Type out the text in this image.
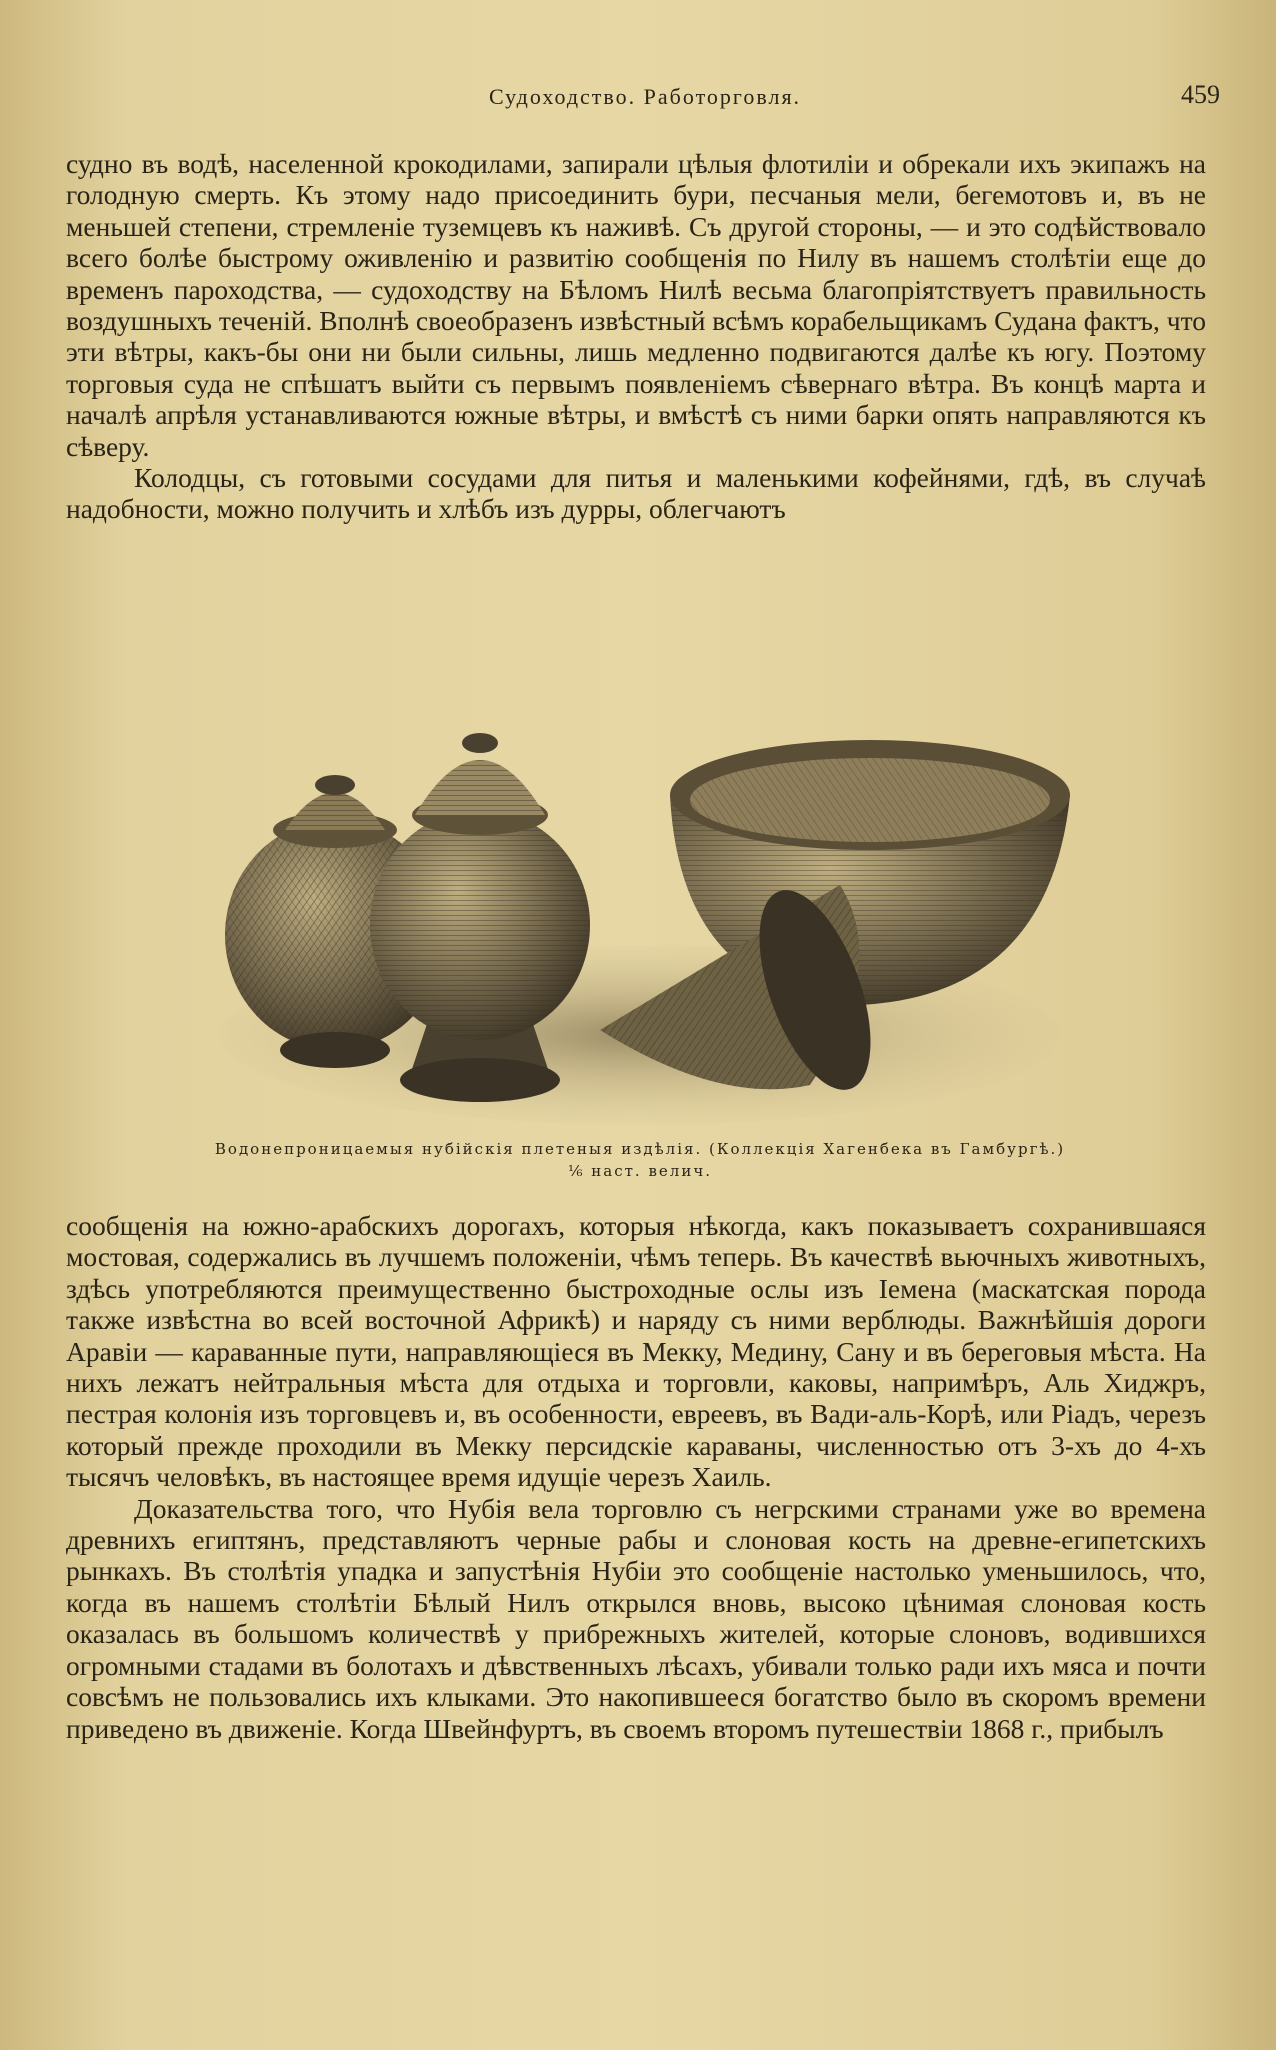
Судоходство. Работорговля.	459

судно въ водѣ, населенной крокодилами, запирали цѣлыя флотиліи и обрекали ихъ экипажъ на голодную смерть. Къ этому надо присоединить бури, песчаныя мели, бегемотовъ и, въ не меньшей степени, стремленіе туземцевъ къ наживѣ. Съ другой стороны, — и это содѣйствовало всего болѣе быстрому оживленію и развитію сообщенія по Нилу въ нашемъ столѣтіи еще до временъ пароходства, — судоходству на Бѣломъ Нилѣ весьма благопріятствуетъ правильность воздушныхъ теченій. Вполнѣ своеобразенъ извѣстный всѣмъ корабельщикамъ Судана фактъ, что эти вѣтры, какъ-бы они ни были сильны, лишь медленно подвигаются далѣе къ югу. Поэтому торговыя суда не спѣшатъ выйти съ первымъ появленіемъ сѣвернаго вѣтра. Въ концѣ марта и началѣ апрѣля устанавливаются южные вѣтры, и вмѣстѣ съ ними барки опять направляются къ сѣверу.

Колодцы, съ готовыми сосудами для питья и маленькими кофейнями, гдѣ, въ случаѣ надобности, можно получить и хлѣбъ изъ дурры, облегчаютъ

Водонепроницаемыя нубійскія плетеныя издѣлія. (Коллекція Хагенбека въ Гамбургѣ.)
⅙ наст. велич.

сообщенія на южно-арабскихъ дорогахъ, которыя нѣкогда, какъ показываетъ сохранившаяся мостовая, содержались въ лучшемъ положеніи, чѣмъ теперь. Въ качествѣ вьючныхъ животныхъ, здѣсь употребляются преимущественно быстроходные ослы изъ Іемена (маскатская порода также извѣстна во всей восточной Африкѣ) и наряду съ ними верблюды. Важнѣйшія дороги Аравіи — караванные пути, направляющіеся въ Мекку, Медину, Сану и въ береговыя мѣста. На нихъ лежатъ нейтральныя мѣста для отдыха и торговли, каковы, напримѣръ, Аль Хиджръ, пестрая колонія изъ торговцевъ и, въ особенности, евреевъ, въ Вади-аль-Корѣ, или Ріадъ, черезъ который прежде проходили въ Мекку персидскіе караваны, численностью отъ 3-хъ до 4-хъ тысячъ человѣкъ, въ настоящее время идущіе черезъ Хаиль.

Доказательства того, что Нубія вела торговлю съ негрскими странами уже во времена древнихъ египтянъ, представляютъ черные рабы и слоновая кость на древне-египетскихъ рынкахъ. Въ столѣтія упадка и запустѣнія Нубіи это сообщеніе настолько уменьшилось, что, когда въ нашемъ столѣтіи Бѣлый Нилъ открылся вновь, высоко цѣнимая слоновая кость оказалась въ большомъ количествѣ у прибрежныхъ жителей, которые слоновъ, водившихся огромными стадами въ болотахъ и дѣвственныхъ лѣсахъ, убивали только ради ихъ мяса и почти совсѣмъ не пользовались ихъ клыками. Это накопившееся богатство было въ скоромъ времени приведено въ движеніе. Когда Швейнфуртъ, въ своемъ второмъ путешествіи 1868 г., прибылъ
